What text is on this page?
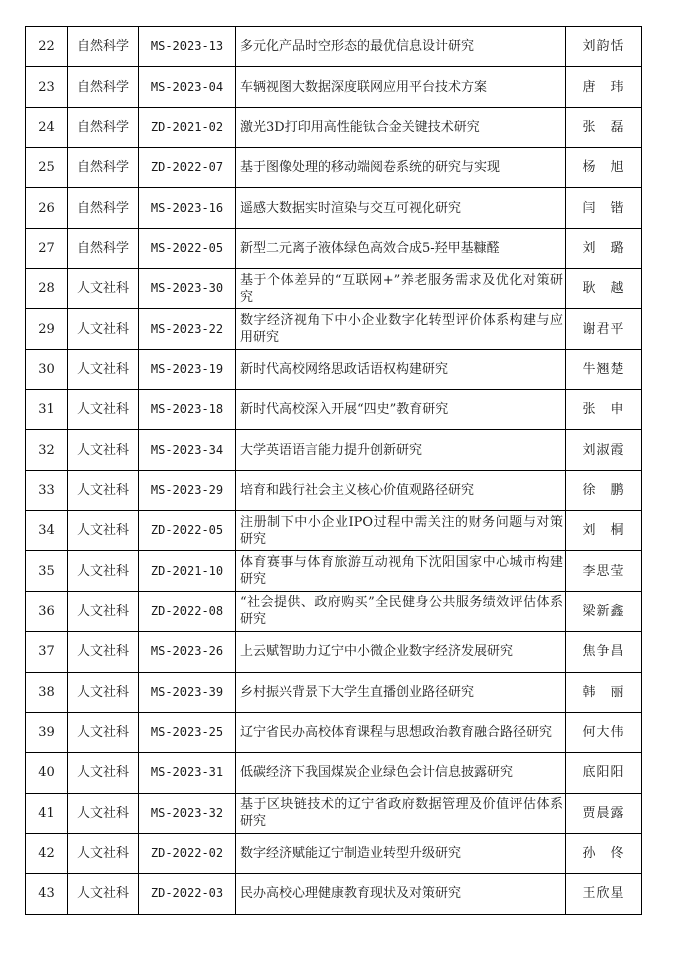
22	自然科学	MS-2023-13	多元化产品时空形态的最优信息设计研究	刘韵恬
23	自然科学	MS-2023-04	车辆视图大数据深度联网应用平台技术方案	唐　玮
24	自然科学	ZD-2021-02	激光3D打印用高性能钛合金关键技术研究	张　磊
25	自然科学	ZD-2022-07	基于图像处理的移动端阅卷系统的研究与实现	杨　旭
26	自然科学	MS-2023-16	遥感大数据实时渲染与交互可视化研究	闫　锴
27	自然科学	MS-2022-05	新型二元离子液体绿色高效合成5-羟甲基糠醛	刘　璐
28	人文社科	MS-2023-30	基于个体差异的“互联网+”养老服务需求及优化对策研究	耿　越
29	人文社科	MS-2023-22	数字经济视角下中小企业数字化转型评价体系构建与应用研究	谢君平
30	人文社科	MS-2023-19	新时代高校网络思政话语权构建研究	牛翘楚
31	人文社科	MS-2023-18	新时代高校深入开展“四史”教育研究	张　申
32	人文社科	MS-2023-34	大学英语语言能力提升创新研究	刘淑霞
33	人文社科	MS-2023-29	培育和践行社会主义核心价值观路径研究	徐　鹏
34	人文社科	ZD-2022-05	注册制下中小企业IPO过程中需关注的财务问题与对策研究	刘　桐
35	人文社科	ZD-2021-10	体育赛事与体育旅游互动视角下沈阳国家中心城市构建研究	李思莹
36	人文社科	ZD-2022-08	“社会提供、政府购买”全民健身公共服务绩效评估体系研究	梁新鑫
37	人文社科	MS-2023-26	上云赋智助力辽宁中小微企业数字经济发展研究	焦争昌
38	人文社科	MS-2023-39	乡村振兴背景下大学生直播创业路径研究	韩　丽
39	人文社科	MS-2023-25	辽宁省民办高校体育课程与思想政治教育融合路径研究	何大伟
40	人文社科	MS-2023-31	低碳经济下我国煤炭企业绿色会计信息披露研究	底阳阳
41	人文社科	MS-2023-32	基于区块链技术的辽宁省政府数据管理及价值评估体系研究	贾晨露
42	人文社科	ZD-2022-02	数字经济赋能辽宁制造业转型升级研究	孙　佟
43	人文社科	ZD-2022-03	民办高校心理健康教育现状及对策研究	王欣星
